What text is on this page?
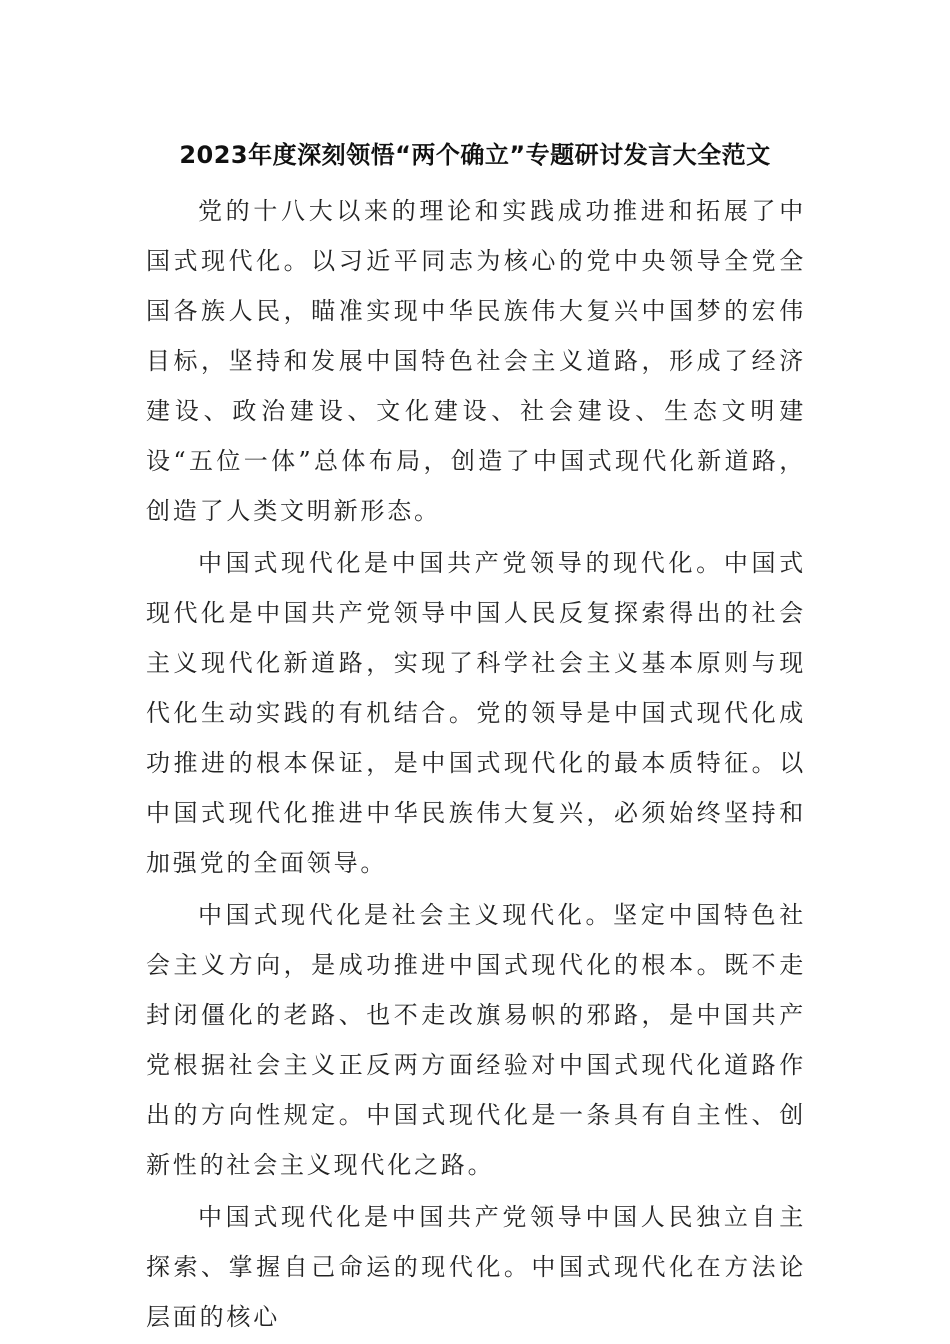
2023年度深刻领悟“两个确立”专题研讨发言大全范文

党的十八大以来的理论和实践成功推进和拓展了中国式现代化。以习近平同志为核心的党中央领导全党全国各族人民，瞄准实现中华民族伟大复兴中国梦的宏伟目标，坚持和发展中国特色社会主义道路，形成了经济建设、政治建设、文化建设、社会建设、生态文明建设“五位一体”总体布局，创造了中国式现代化新道路，创造了人类文明新形态。

中国式现代化是中国共产党领导的现代化。中国式现代化是中国共产党领导中国人民反复探索得出的社会主义现代化新道路，实现了科学社会主义基本原则与现代化生动实践的有机结合。党的领导是中国式现代化成功推进的根本保证，是中国式现代化的最本质特征。以中国式现代化推进中华民族伟大复兴，必须始终坚持和加强党的全面领导。

中国式现代化是社会主义现代化。坚定中国特色社会主义方向，是成功推进中国式现代化的根本。既不走封闭僵化的老路、也不走改旗易帜的邪路，是中国共产党根据社会主义正反两方面经验对中国式现代化道路作出的方向性规定。中国式现代化是一条具有自主性、创新性的社会主义现代化之路。

中国式现代化是中国共产党领导中国人民独立自主探索、掌握自己命运的现代化。中国式现代化在方法论层面的核心
